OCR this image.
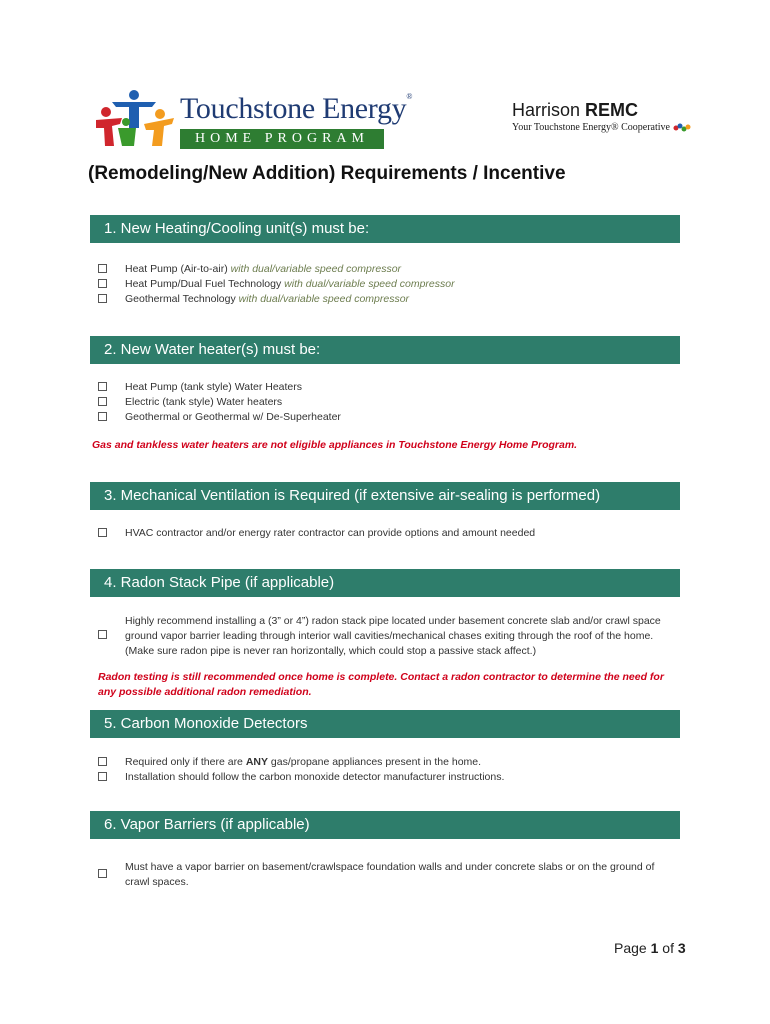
Touchstone Energy®
HOME PROGRAM
Harrison REMC
Your Touchstone Energy® Cooperative
(Remodeling/New Addition) Requirements / Incentive
1. New Heating/Cooling unit(s) must be:
Heat Pump (Air-to-air) with dual/variable speed compressor
Heat Pump/Dual Fuel Technology with dual/variable speed compressor
Geothermal Technology with dual/variable speed compressor
2. New Water heater(s) must be:
Heat Pump (tank style) Water Heaters
Electric (tank style) Water heaters
Geothermal or Geothermal w/ De-Superheater
Gas and tankless water heaters are not eligible appliances in Touchstone Energy Home Program.
3. Mechanical Ventilation is Required (if extensive air-sealing is performed)
HVAC contractor and/or energy rater contractor can provide options and amount needed
4. Radon Stack Pipe (if applicable)
Highly recommend installing a (3” or 4”) radon stack pipe located under basement concrete slab and/or crawl space ground vapor barrier leading through interior wall cavities/mechanical chases exiting through the roof of the home. (Make sure radon pipe is never ran horizontally, which could stop a passive stack affect.)
Radon testing is still recommended once home is complete. Contact a radon contractor to determine the need for any possible additional radon remediation.
5. Carbon Monoxide Detectors
Required only if there are ANY gas/propane appliances present in the home.
Installation should follow the carbon monoxide detector manufacturer instructions.
6. Vapor Barriers (if applicable)
Must have a vapor barrier on basement/crawlspace foundation walls and under concrete slabs or on the ground of crawl spaces.
Page 1 of 3
